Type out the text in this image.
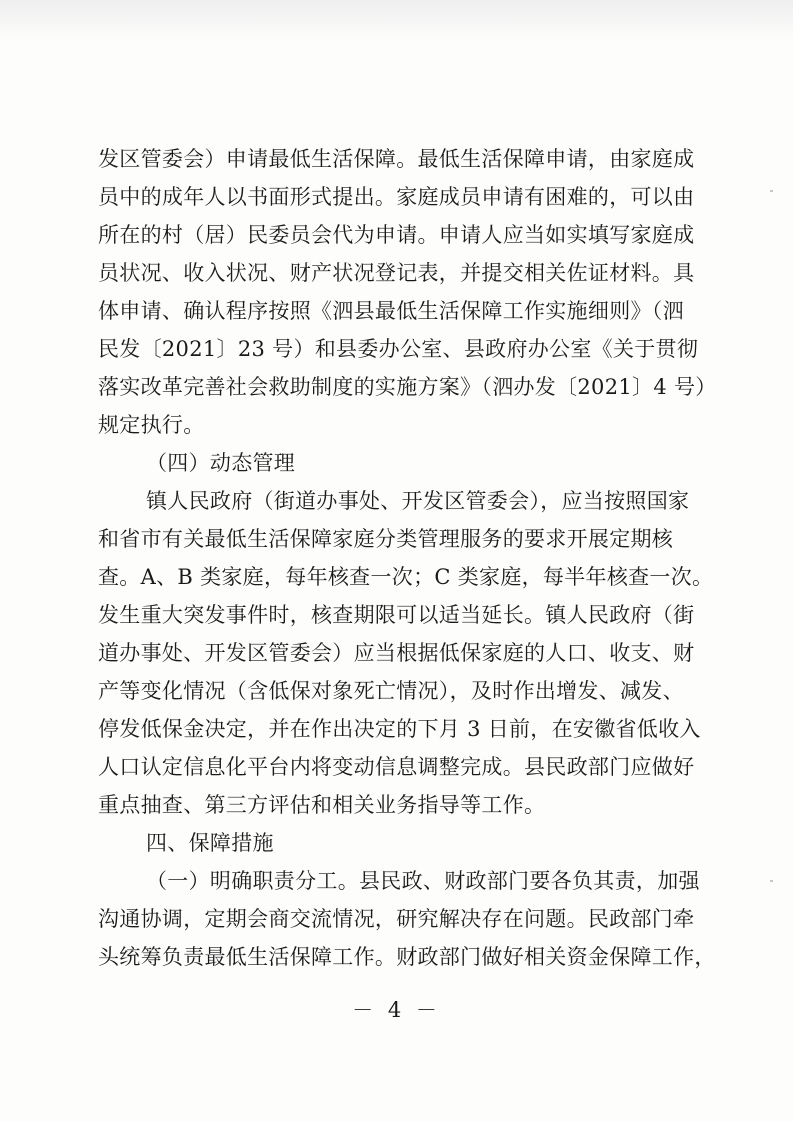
发区管委会）申请最低生活保障。最低生活保障申请，由家庭成
员中的成年人以书面形式提出。家庭成员申请有困难的，可以由
所在的村（居）民委员会代为申请。申请人应当如实填写家庭成
员状况、收入状况、财产状况登记表，并提交相关佐证材料。具
体申请、确认程序按照《泗县最低生活保障工作实施细则》（泗
民发〔2021〕23 号）和县委办公室、县政府办公室《关于贯彻
落实改革完善社会救助制度的实施方案》（泗办发〔2021〕4 号）
规定执行。
（四）动态管理
镇人民政府（街道办事处、开发区管委会），应当按照国家
和省市有关最低生活保障家庭分类管理服务的要求开展定期核
查。A、B 类家庭，每年核查一次；C 类家庭，每半年核查一次。
发生重大突发事件时，核查期限可以适当延长。镇人民政府（街
道办事处、开发区管委会）应当根据低保家庭的人口、收支、财
产等变化情况（含低保对象死亡情况），及时作出增发、减发、
停发低保金决定，并在作出决定的下月 3 日前，在安徽省低收入
人口认定信息化平台内将变动信息调整完成。县民政部门应做好
重点抽查、第三方评估和相关业务指导等工作。
四、保障措施
（一）明确职责分工。县民政、财政部门要各负其责，加强
沟通协调，定期会商交流情况，研究解决存在问题。民政部门牵
头统筹负责最低生活保障工作。财政部门做好相关资金保障工作，
－ 4 －
